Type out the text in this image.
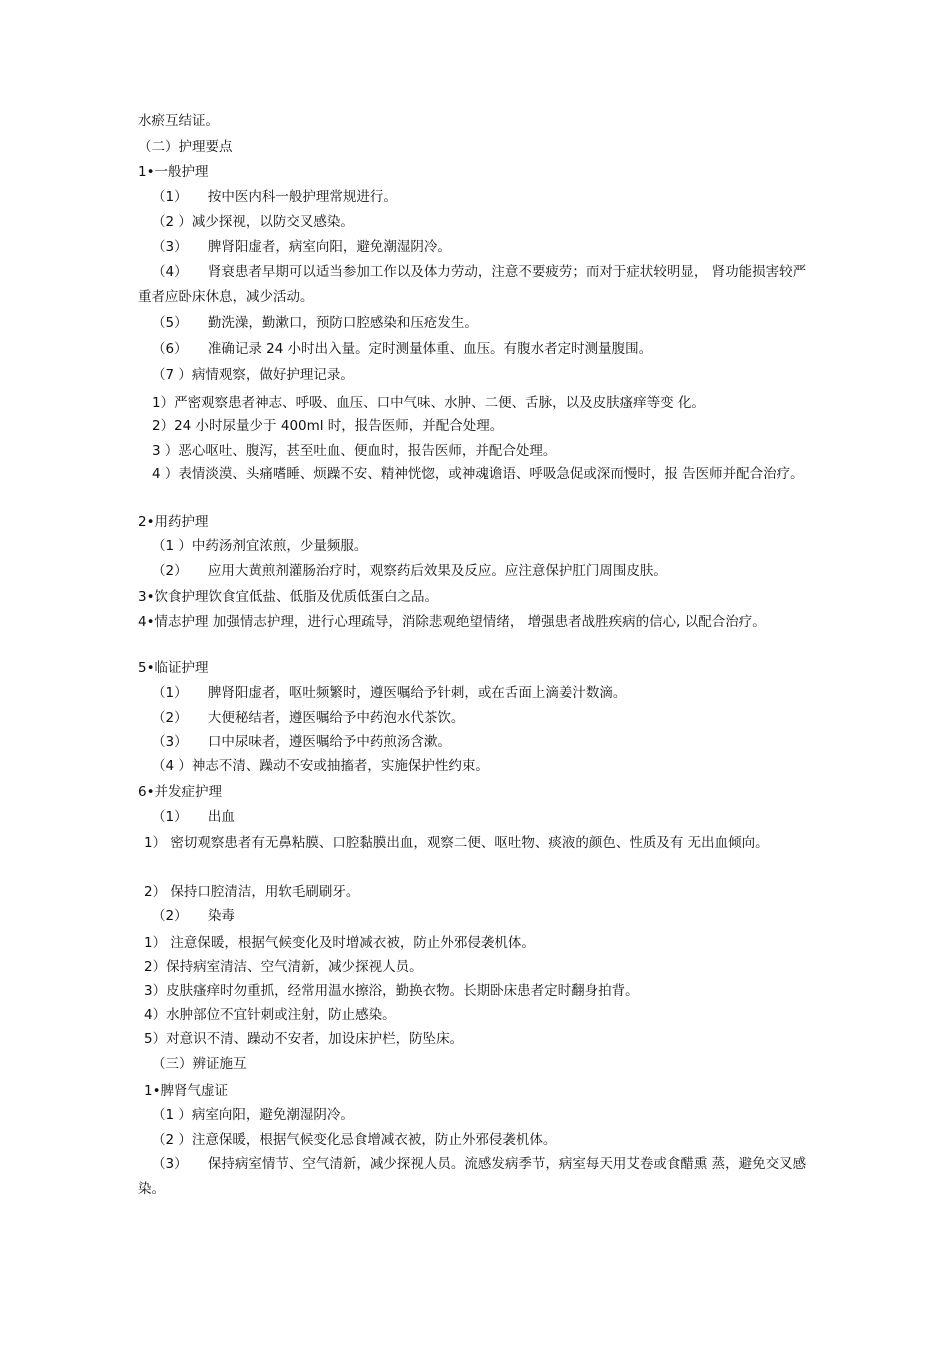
水瘀互结证。
（二）护理要点
1•一般护理
（1）　　按中医内科一般护理常规进行。
（2 ）减少探视，以防交叉感染。
（3）　　脾肾阳虚者，病室向阳，避免潮湿阴冷。
（4）　　肾衰患者早期可以适当参加工作以及体力劳动，注意不要疲劳；而对于症状较明显， 肾功能损害较严重者应卧床休息，减少活动。
（5）　　勤洗澡，勤漱口，预防口腔感染和压疮发生。
（6）　　准确记录 24 小时出入量。定时测量体重、血压。有腹水者定时测量腹围。
（7 ）病情观察，做好护理记录。
1）严密观察患者神志、呼吸、血压、口中气味、水肿、二便、舌脉，以及皮肤瘙痒等变 化。
2）24 小时尿量少于 400ml 时，报告医师，并配合处理。
3 ）恶心呕吐、腹泻，甚至吐血、便血时，报告医师，并配合处理。
4 ）表情淡漠、头痛嗜睡、烦躁不安、精神恍惚，或神魂谵语、呼吸急促或深而慢时，报 告医师并配合治疗。
2•用药护理
（1 ）中药汤剂宜浓煎，少量频服。
（2）　　应用大黄煎剂灌肠治疗时，观察药后效果及反应。应注意保护肛门周围皮肤。
3•饮食护理饮食宜低盐、低脂及优质低蛋白之品。
4•情志护理 加强情志护理，进行心理疏导，消除悲观绝望情绪， 增强患者战胜疾病的信心, 以配合治疗。
5•临证护理
（1）　　脾肾阳虚者，呕吐频繁时，遵医嘱给予针刺，或在舌面上滴姜汁数滴。
（2）　　大便秘结者，遵医嘱给予中药泡水代茶饮。
（3）　　口中尿味者，遵医嘱给予中药煎汤含漱。
（4 ）神志不清、躁动不安或抽搐者，实施保护性约束。
6•并发症护理
（1）　　出血
1） 密切观察患者有无鼻粘膜、口腔黏膜出血，观察二便、呕吐物、痰液的颜色、性质及有 无出血倾向。
2） 保持口腔清洁，用软毛刷刷牙。
（2）　　染毒
1） 注意保暖，根据气候变化及时增减衣被，防止外邪侵袭机体。
2）保持病室清洁、空气清新，减少探视人员。
3）皮肤瘙痒时勿重抓，经常用温水擦浴，勤换衣物。长期卧床患者定时翻身拍背。
4）水肿部位不宜针刺或注射，防止感染。
5）对意识不清、躁动不安者，加设床护栏，防坠床。
（三）辨证施互
1•脾肾气虚证
（1 ）病室向阳，避免潮湿阴冷。
（2 ）注意保暖，根据气候变化忌食增减衣被，防止外邪侵袭机体。
（3）　　保持病室情节、空气清新，减少探视人员。流感发病季节，病室每天用艾卷或食醋熏 蒸，避免交叉感染。
